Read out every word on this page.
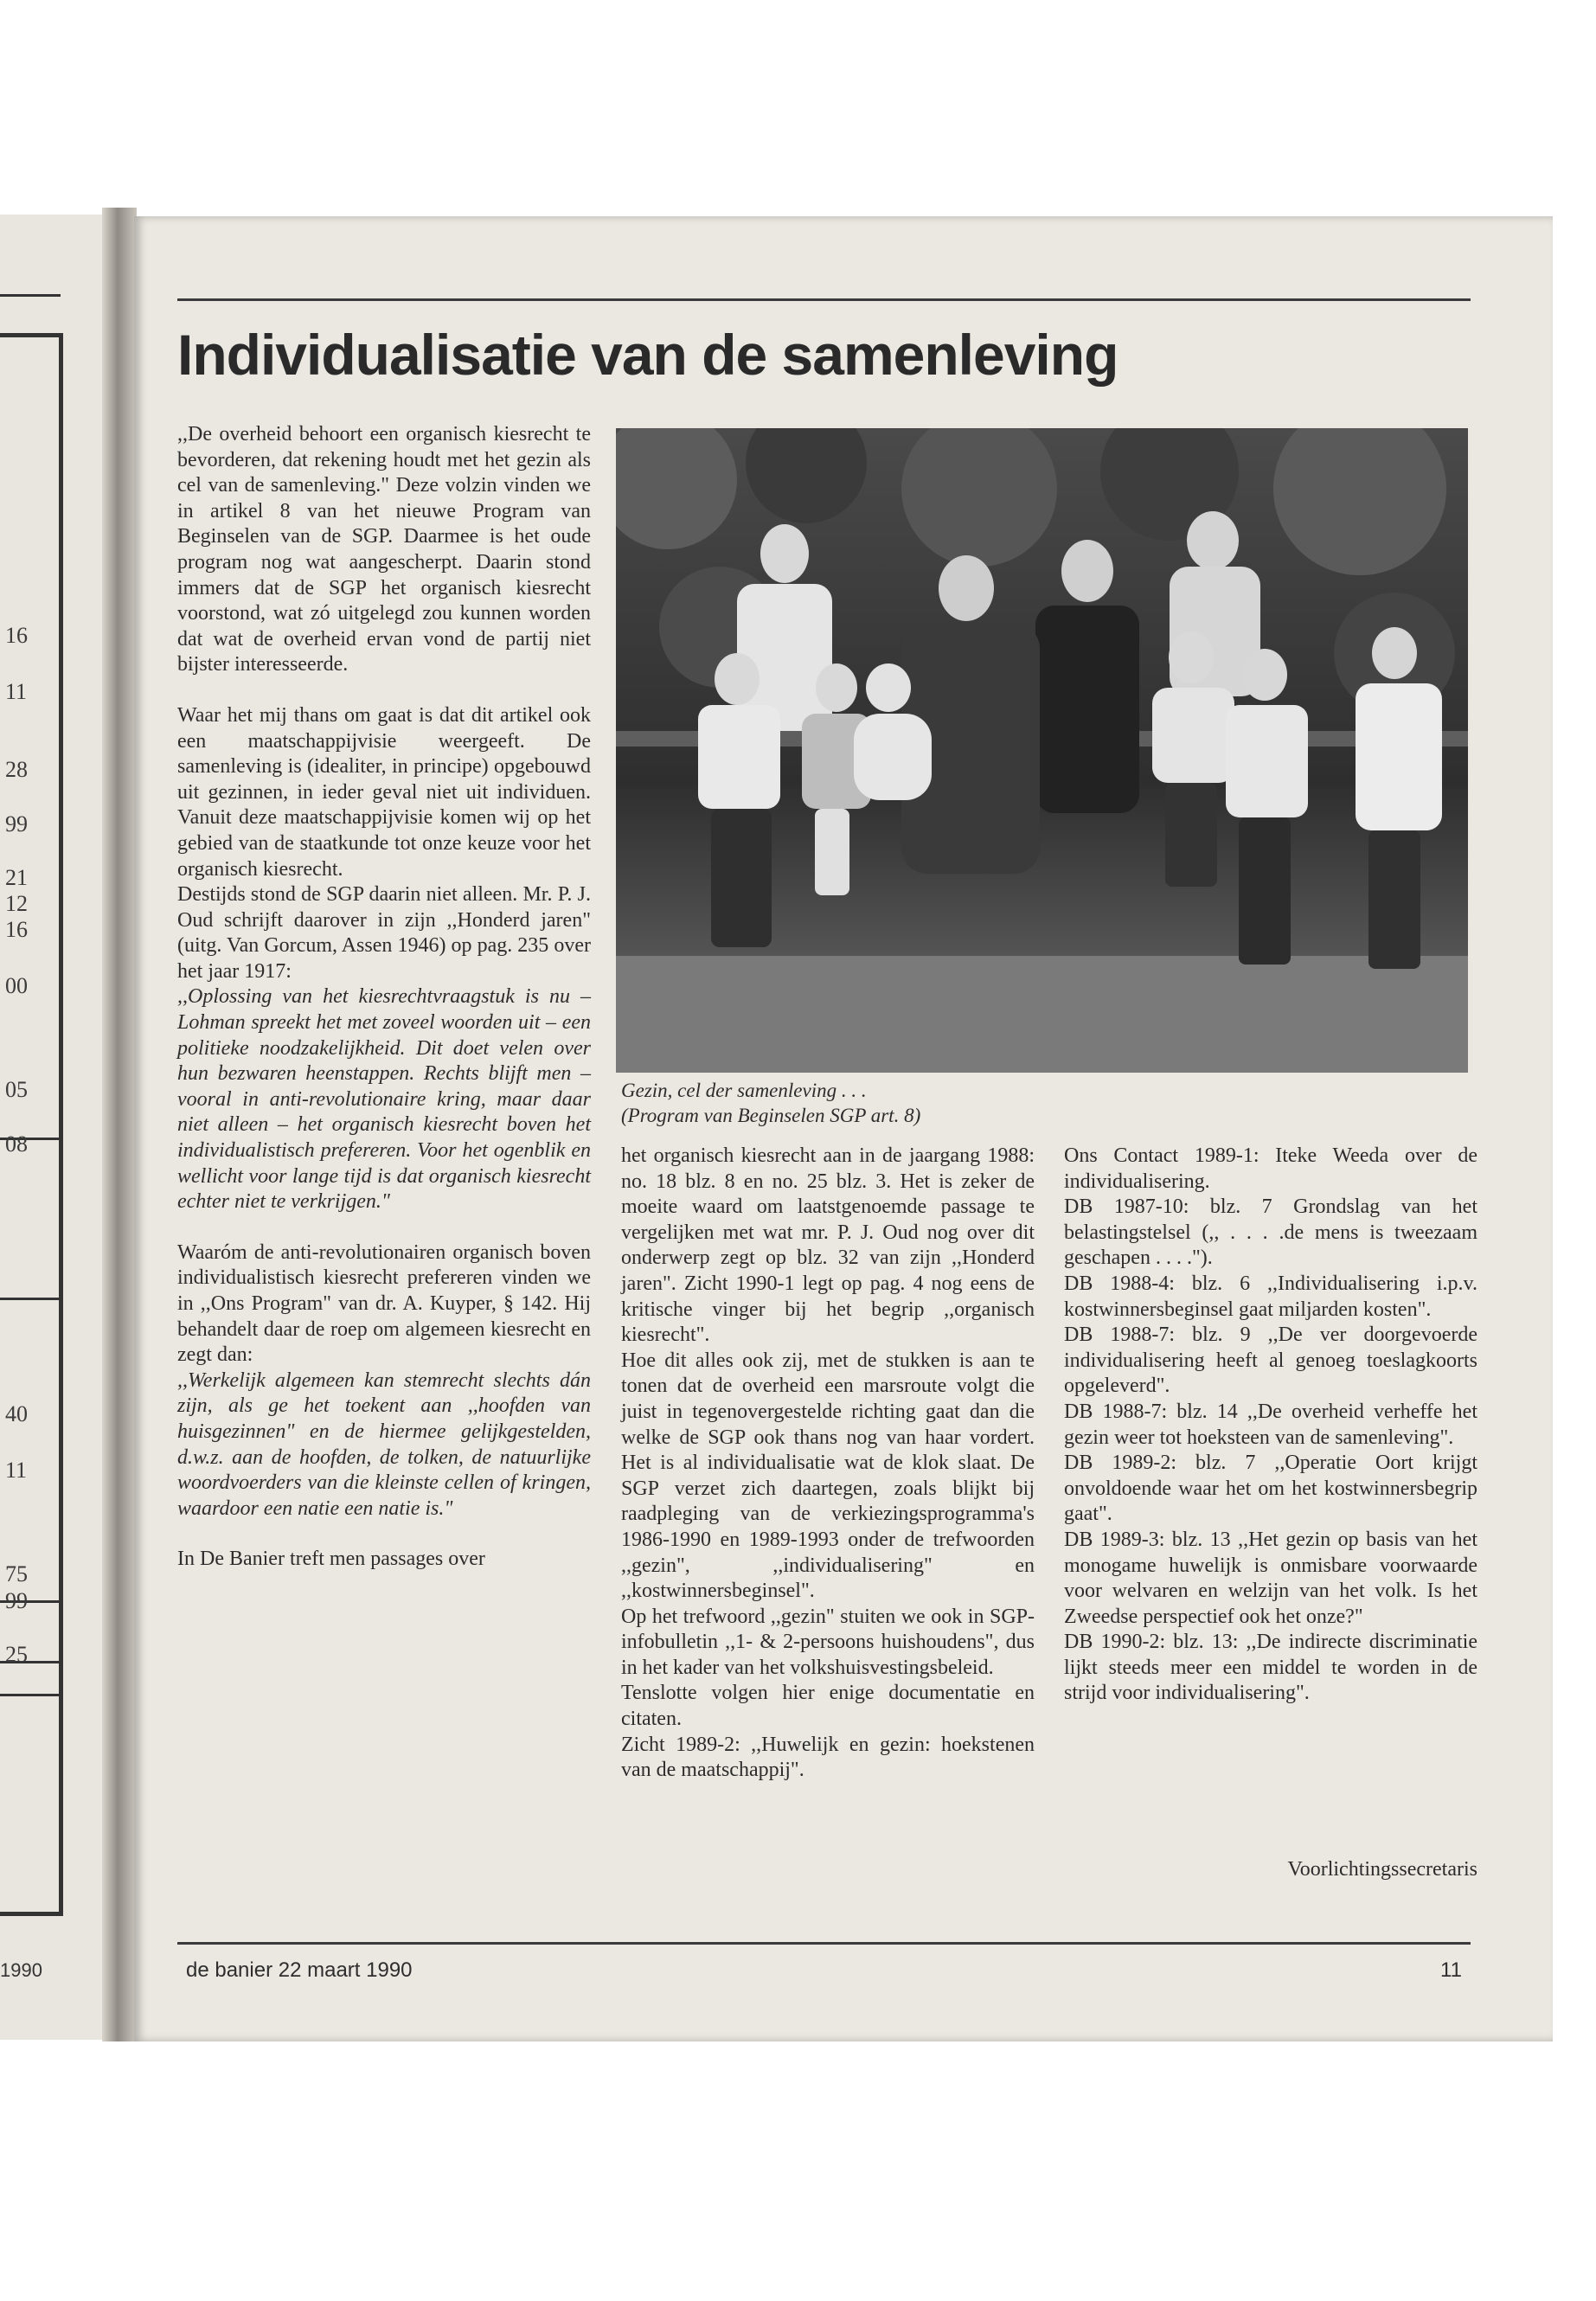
16
11
28
99
21
12
16
00
05
08
40
11
75
99
25
1990
Individualisatie van de samenleving

,,De overheid behoort een organisch kiesrecht te bevorderen, dat rekening houdt met het gezin als cel van de samenleving." Deze volzin vinden we in artikel 8 van het nieuwe Program van Beginselen van de SGP. Daarmee is het oude program nog wat aangescherpt. Daarin stond immers dat de SGP het organisch kiesrecht voorstond, wat zó uitgelegd zou kunnen worden dat wat de overheid ervan vond de partij niet bijster interesseerde.

Waar het mij thans om gaat is dat dit artikel ook een maatschappijvisie weergeeft. De samenleving is (idealiter, in principe) opgebouwd uit gezinnen, in ieder geval niet uit individuen. Vanuit deze maatschappijvisie komen wij op het gebied van de staatkunde tot onze keuze voor het organisch kiesrecht.

Destijds stond de SGP daarin niet alleen. Mr. P. J. Oud schrijft daarover in zijn ,,Honderd jaren" (uitg. Van Gorcum, Assen 1946) op pag. 235 over het jaar 1917:

,,Oplossing van het kiesrechtvraagstuk is nu – Lohman spreekt het met zoveel woorden uit – een politieke noodzakelijkheid. Dit doet velen over hun bezwaren heenstappen. Rechts blijft men – vooral in anti-revolutionaire kring, maar daar niet alleen – het organisch kiesrecht boven het individualistisch prefereren. Voor het ogenblik en wellicht voor lange tijd is dat organisch kiesrecht echter niet te verkrijgen."

Waaróm de anti-revolutionairen organisch boven individualistisch kiesrecht prefereren vinden we in ,,Ons Program" van dr. A. Kuyper, § 142. Hij behandelt daar de roep om algemeen kiesrecht en zegt dan:

,,Werkelijk algemeen kan stemrecht slechts dán zijn, als ge het toekent aan ,,hoofden van huisgezinnen" en de hiermee gelijkgestelden, d.w.z. aan de hoofden, de tolken, de natuurlijke woordvoerders van die kleinste cellen of kringen, waardoor een natie een natie is."

In De Banier treft men passages over

Gezin, cel der samenleving . . .
(Program van Beginselen SGP art. 8)

het organisch kiesrecht aan in de jaargang 1988: no. 18 blz. 8 en no. 25 blz. 3. Het is zeker de moeite waard om laatstgenoemde passage te vergelijken met wat mr. P. J. Oud nog over dit onderwerp zegt op blz. 32 van zijn ,,Honderd jaren". Zicht 1990-1 legt op pag. 4 nog eens de kritische vinger bij het begrip ,,organisch kiesrecht".

Hoe dit alles ook zij, met de stukken is aan te tonen dat de overheid een marsroute volgt die juist in tegenovergestelde richting gaat dan die welke de SGP ook thans nog van haar vordert. Het is al individualisatie wat de klok slaat. De SGP verzet zich daartegen, zoals blijkt bij raadpleging van de verkiezingsprogramma's 1986-1990 en 1989-1993 onder de trefwoorden ,,gezin", ,,individualisering" en ,,kostwinnersbeginsel".

Op het trefwoord ,,gezin" stuiten we ook in SGP-infobulletin ,,1- & 2-persoons huishoudens", dus in het kader van het volkshuisvestingsbeleid.

Tenslotte volgen hier enige documentatie en citaten.

Zicht 1989-2: ,,Huwelijk en gezin: hoekstenen van de maatschappij".

Ons Contact 1989-1: Iteke Weeda over de individualisering.

DB 1987-10: blz. 7 Grondslag van het belastingstelsel (,, . . . .de mens is tweezaam geschapen . . . .").

DB 1988-4: blz. 6 ,,Individualisering i.p.v. kostwinnersbeginsel gaat miljarden kosten".

DB 1988-7: blz. 9 ,,De ver doorgevoerde individualisering heeft al genoeg toeslagkoorts opgeleverd".

DB 1988-7: blz. 14 ,,De overheid verheffe het gezin weer tot hoeksteen van de samenleving".

DB 1989-2: blz. 7 ,,Operatie Oort krijgt onvoldoende waar het om het kostwinnersbegrip gaat".

DB 1989-3: blz. 13 ,,Het gezin op basis van het monogame huwelijk is onmisbare voorwaarde voor welvaren en welzijn van het volk. Is het Zweedse perspectief ook het onze?"

DB 1990-2: blz. 13: ,,De indirecte discriminatie lijkt steeds meer een middel te worden in de strijd voor individualisering".

Voorlichtingssecretaris
de banier 22 maart 1990	11
